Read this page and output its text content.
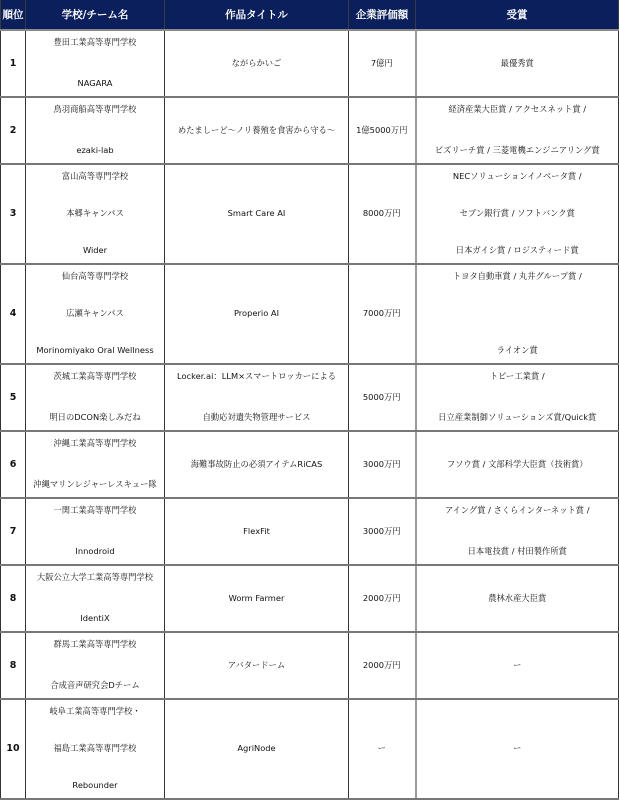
順位	学校/チーム名	作品タイトル	企業評価額	受賞
1	豊田工業高等専門学校
NAGARA	ながらかいご	7億円	最優秀賞

2	鳥羽商船高等専門学校
ezaki-lab	めたましーど〜ノリ養殖を食害から守る〜	1億5000万円	経済産業大臣賞 / アクセスネット賞 /
ビズリーチ賞 / 三菱電機エンジニアリング賞

3	富山高等専門学校
本郷キャンパス
Wider	Smart Care AI	8000万円	NECソリューションイノベータ賞 /
セブン銀行賞 / ソフトバンク賞
日本ガイシ賞 / ロジスティード賞

4	仙台高等専門学校
広瀬キャンパス
Morinomiyako Oral Wellness	Properio AI	7000万円	トヨタ自動車賞 / 丸井グループ賞 /
ライオン賞

5	茨城工業高等専門学校
明日のDCON楽しみだね	Locker.ai：LLM×スマートロッカーによる
自動応対遺失物管理サービス	5000万円	トピー工業賞 /
日立産業制御ソリューションズ賞/Quick賞

6	沖縄工業高等専門学校
沖縄マリンレジャーレスキュー隊	海難事故防止の必須アイテムRiCAS	3000万円	フソウ賞 / 文部科学大臣賞（技術賞）

7	一関工業高等専門学校
Innodroid	FlexFit	3000万円	アイング賞 / さくらインターネット賞 /
日本電技賞 / 村田製作所賞

8	大阪公立大学工業高等専門学校
IdentiX	Worm Farmer	2000万円	農林水産大臣賞

8	群馬工業高等専門学校
合成音声研究会Dチーム	アバタードーム	2000万円	ー

10	岐阜工業高等専門学校・
福島工業高等専門学校
Rebounder	AgriNode	ー	ー
